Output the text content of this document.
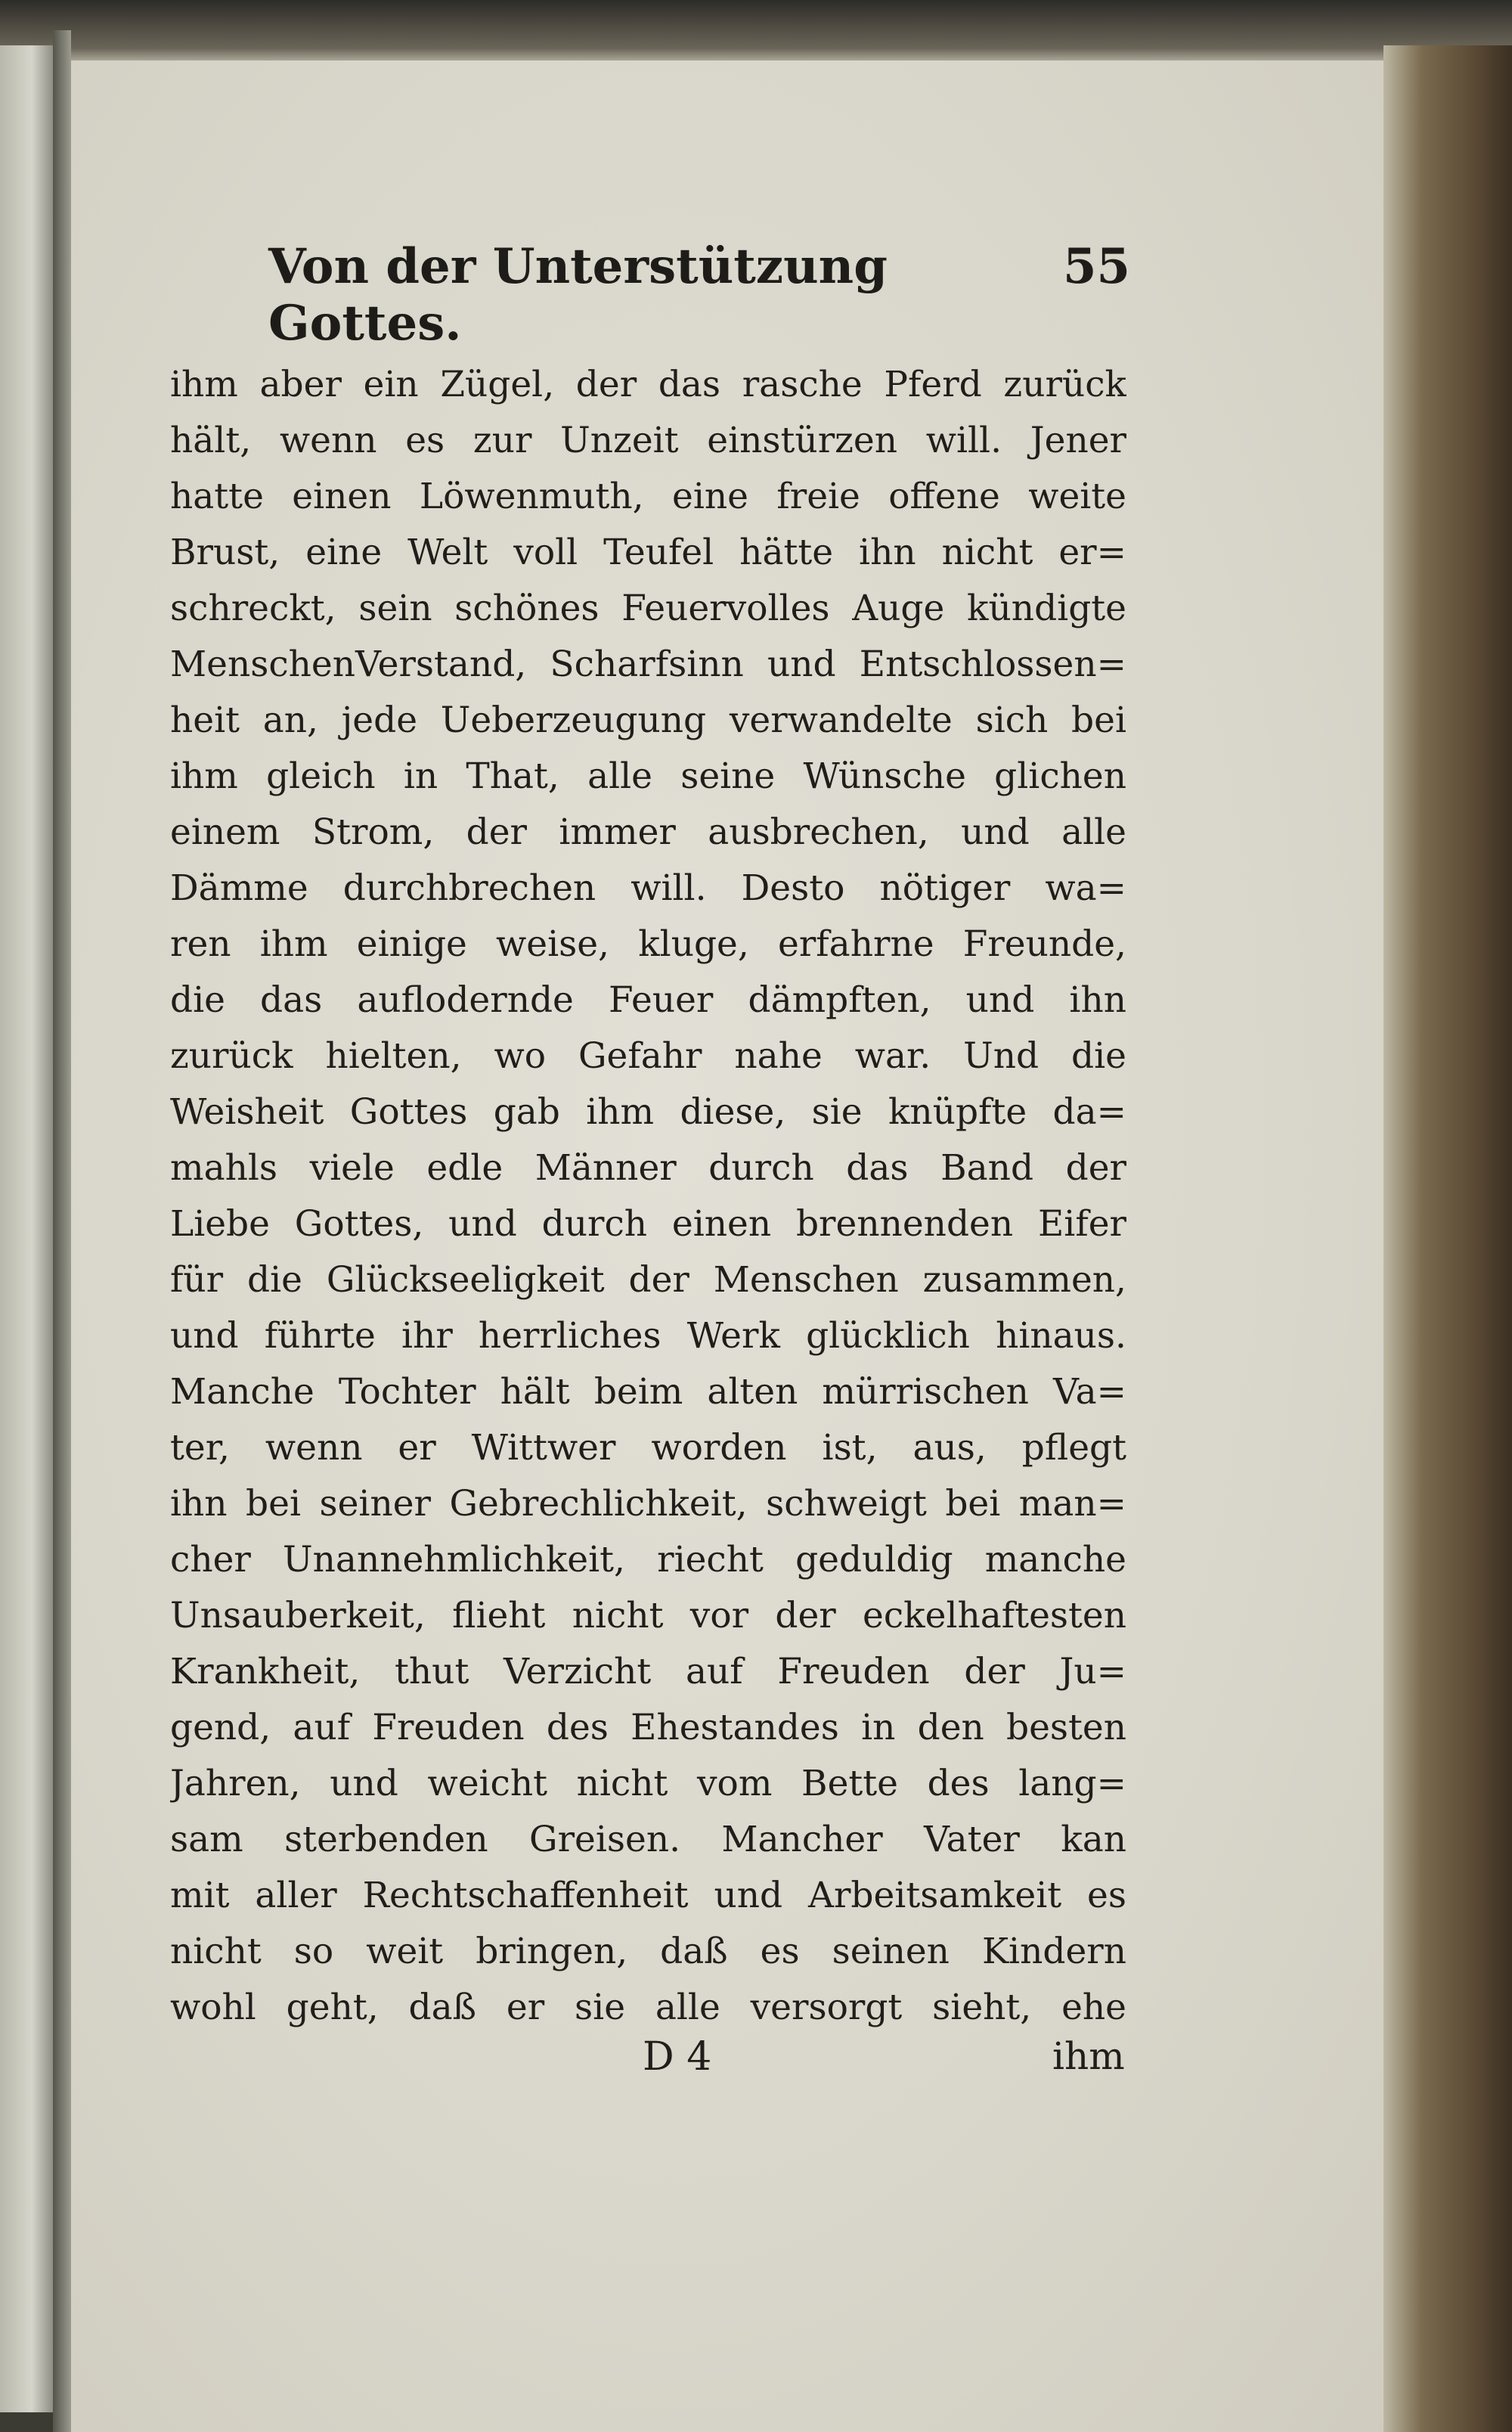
Von der Unterstützung Gottes.
55
ihm aber ein Zügel, der das rasche Pferd zurück
hält, wenn es zur Unzeit einstürzen will. Jener
hatte einen Löwenmuth, eine freie offene weite
Brust, eine Welt voll Teufel hätte ihn nicht er=
schreckt, sein schönes Feuervolles Auge kündigte
MenschenVerstand, Scharfsinn und Entschlossen=
heit an, jede Ueberzeugung verwandelte sich bei
ihm gleich in That, alle seine Wünsche glichen
einem Strom, der immer ausbrechen, und alle
Dämme durchbrechen will. Desto nötiger wa=
ren ihm einige weise, kluge, erfahrne Freunde,
die das auflodernde Feuer dämpften, und ihn
zurück hielten, wo Gefahr nahe war. Und die
Weisheit Gottes gab ihm diese, sie knüpfte da=
mahls viele edle Männer durch das Band der
Liebe Gottes, und durch einen brennenden Eifer
für die Glückseeligkeit der Menschen zusammen,
und führte ihr herrliches Werk glücklich hinaus.
Manche Tochter hält beim alten mürrischen Va=
ter, wenn er Wittwer worden ist, aus, pflegt
ihn bei seiner Gebrechlichkeit, schweigt bei man=
cher Unannehmlichkeit, riecht geduldig manche
Unsauberkeit, flieht nicht vor der eckelhaftesten
Krankheit, thut Verzicht auf Freuden der Ju=
gend, auf Freuden des Ehestandes in den besten
Jahren, und weicht nicht vom Bette des lang=
sam sterbenden Greisen. Mancher Vater kan
mit aller Rechtschaffenheit und Arbeitsamkeit es
nicht so weit bringen, daß es seinen Kindern
wohl geht, daß er sie alle versorgt sieht, ehe
D 4	ihm
